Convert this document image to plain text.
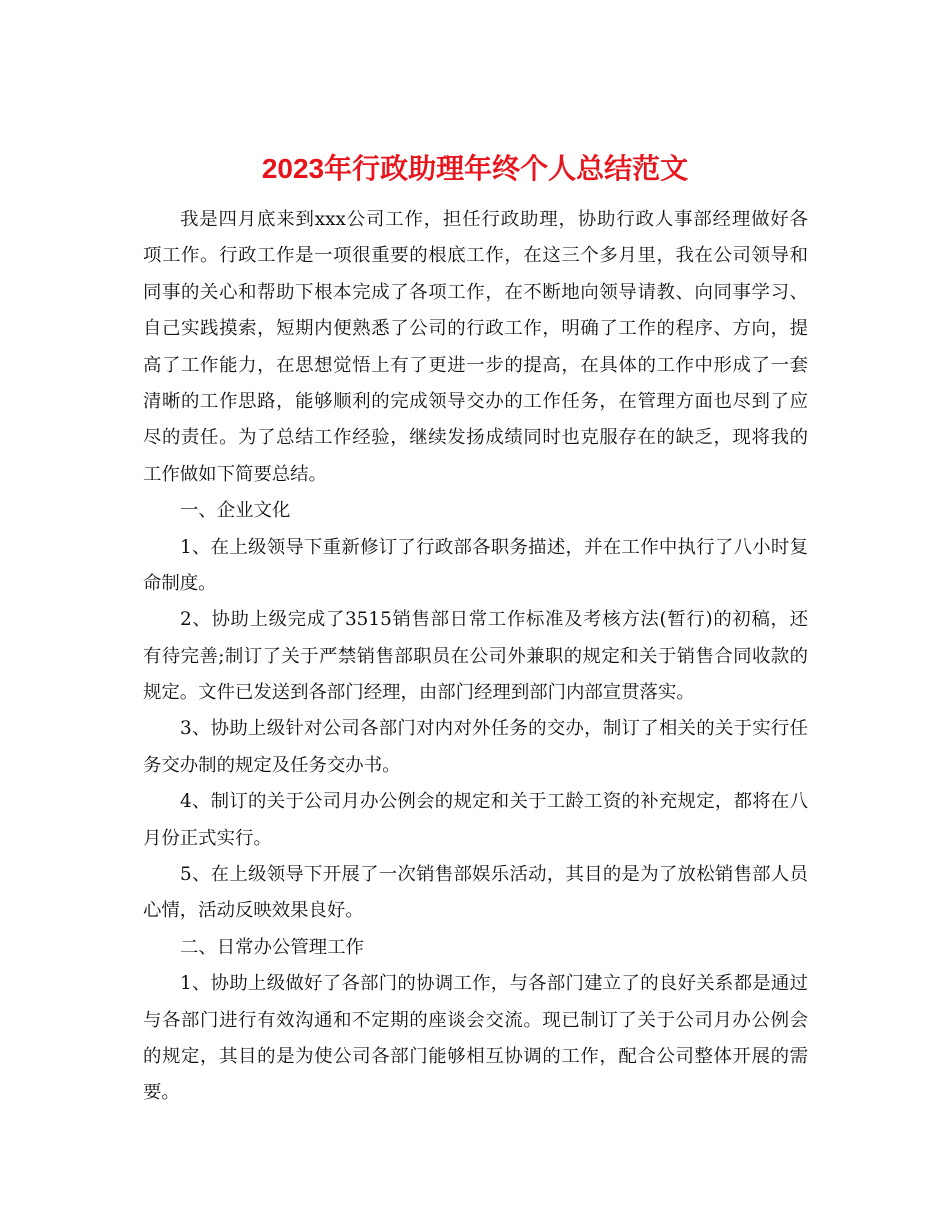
2023年行政助理年终个人总结范文
我是四月底来到xxx公司工作，担任行政助理，协助行政人事部经理做好各
项工作。行政工作是一项很重要的根底工作，在这三个多月里，我在公司领导和
同事的关心和帮助下根本完成了各项工作，在不断地向领导请教、向同事学习、
自己实践摸索，短期内便熟悉了公司的行政工作，明确了工作的程序、方向，提
高了工作能力，在思想觉悟上有了更进一步的提高，在具体的工作中形成了一套
清晰的工作思路，能够顺利的完成领导交办的工作任务，在管理方面也尽到了应
尽的责任。为了总结工作经验，继续发扬成绩同时也克服存在的缺乏，现将我的
工作做如下简要总结。
一、企业文化
1、在上级领导下重新修订了行政部各职务描述，并在工作中执行了八小时复
命制度。
2、协助上级完成了3515销售部日常工作标准及考核方法(暂行)的初稿，还
有待完善;制订了关于严禁销售部职员在公司外兼职的规定和关于销售合同收款的
规定。文件已发送到各部门经理，由部门经理到部门内部宣贯落实。
3、协助上级针对公司各部门对内对外任务的交办，制订了相关的关于实行任
务交办制的规定及任务交办书。
4、制订的关于公司月办公例会的规定和关于工龄工资的补充规定，都将在八
月份正式实行。
5、在上级领导下开展了一次销售部娱乐活动，其目的是为了放松销售部人员
心情，活动反映效果良好。
二、日常办公管理工作
1、协助上级做好了各部门的协调工作，与各部门建立了的良好关系都是通过
与各部门进行有效沟通和不定期的座谈会交流。现已制订了关于公司月办公例会
的规定，其目的是为使公司各部门能够相互协调的工作，配合公司整体开展的需
要。
